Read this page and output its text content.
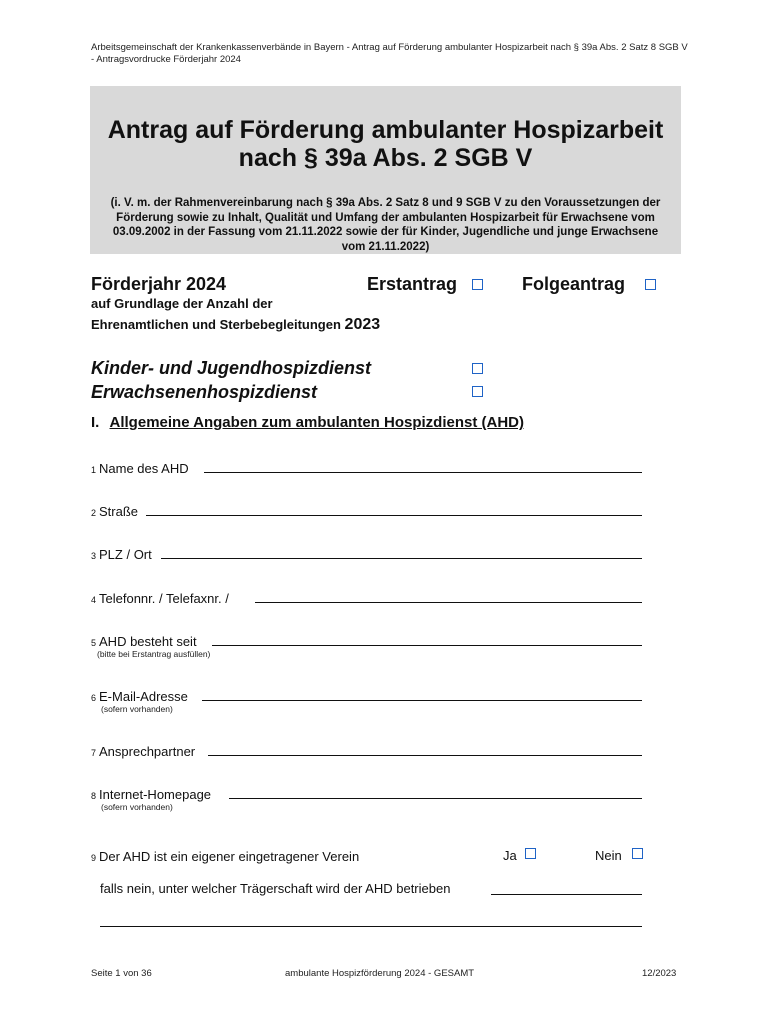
Arbeitsgemeinschaft der Krankenkassenverbände in Bayern - Antrag auf Förderung ambulanter Hospizarbeit nach § 39a Abs. 2 Satz 8 SGB V - Antragsvordrucke Förderjahr 2024
Antrag auf Förderung ambulanter Hospizarbeit
nach § 39a Abs. 2 SGB V
(i. V. m. der Rahmenvereinbarung nach § 39a Abs. 2 Satz 8 und 9 SGB V zu den Voraussetzungen der Förderung sowie zu Inhalt, Qualität und Umfang der ambulanten Hospizarbeit für Erwachsene vom 03.09.2002 in der Fassung vom 21.11.2022 sowie der für Kinder, Jugendliche und junge Erwachsene vom 21.11.2022)
Förderjahr 2024	Erstantrag	Folgeantrag
auf Grundlage der Anzahl der
Ehrenamtlichen und Sterbebegleitungen 2023
Kinder- und Jugendhospizdienst
Erwachsenenhospizdienst
I. Allgemeine Angaben zum ambulanten Hospizdienst (AHD)
1 Name des AHD
2 Straße
3 PLZ / Ort
4 Telefonnr. / Telefaxnr. /
5 AHD besteht seit
(bitte bei Erstantrag ausfüllen)
6 E-Mail-Adresse
(sofern vorhanden)
7 Ansprechpartner
8 Internet-Homepage
(sofern vorhanden)
9 Der AHD ist ein eigener eingetragener Verein	Ja	Nein
falls nein, unter welcher Trägerschaft wird der AHD betrieben
Seite 1 von 36	ambulante Hospizförderung 2024 - GESAMT	12/2023
